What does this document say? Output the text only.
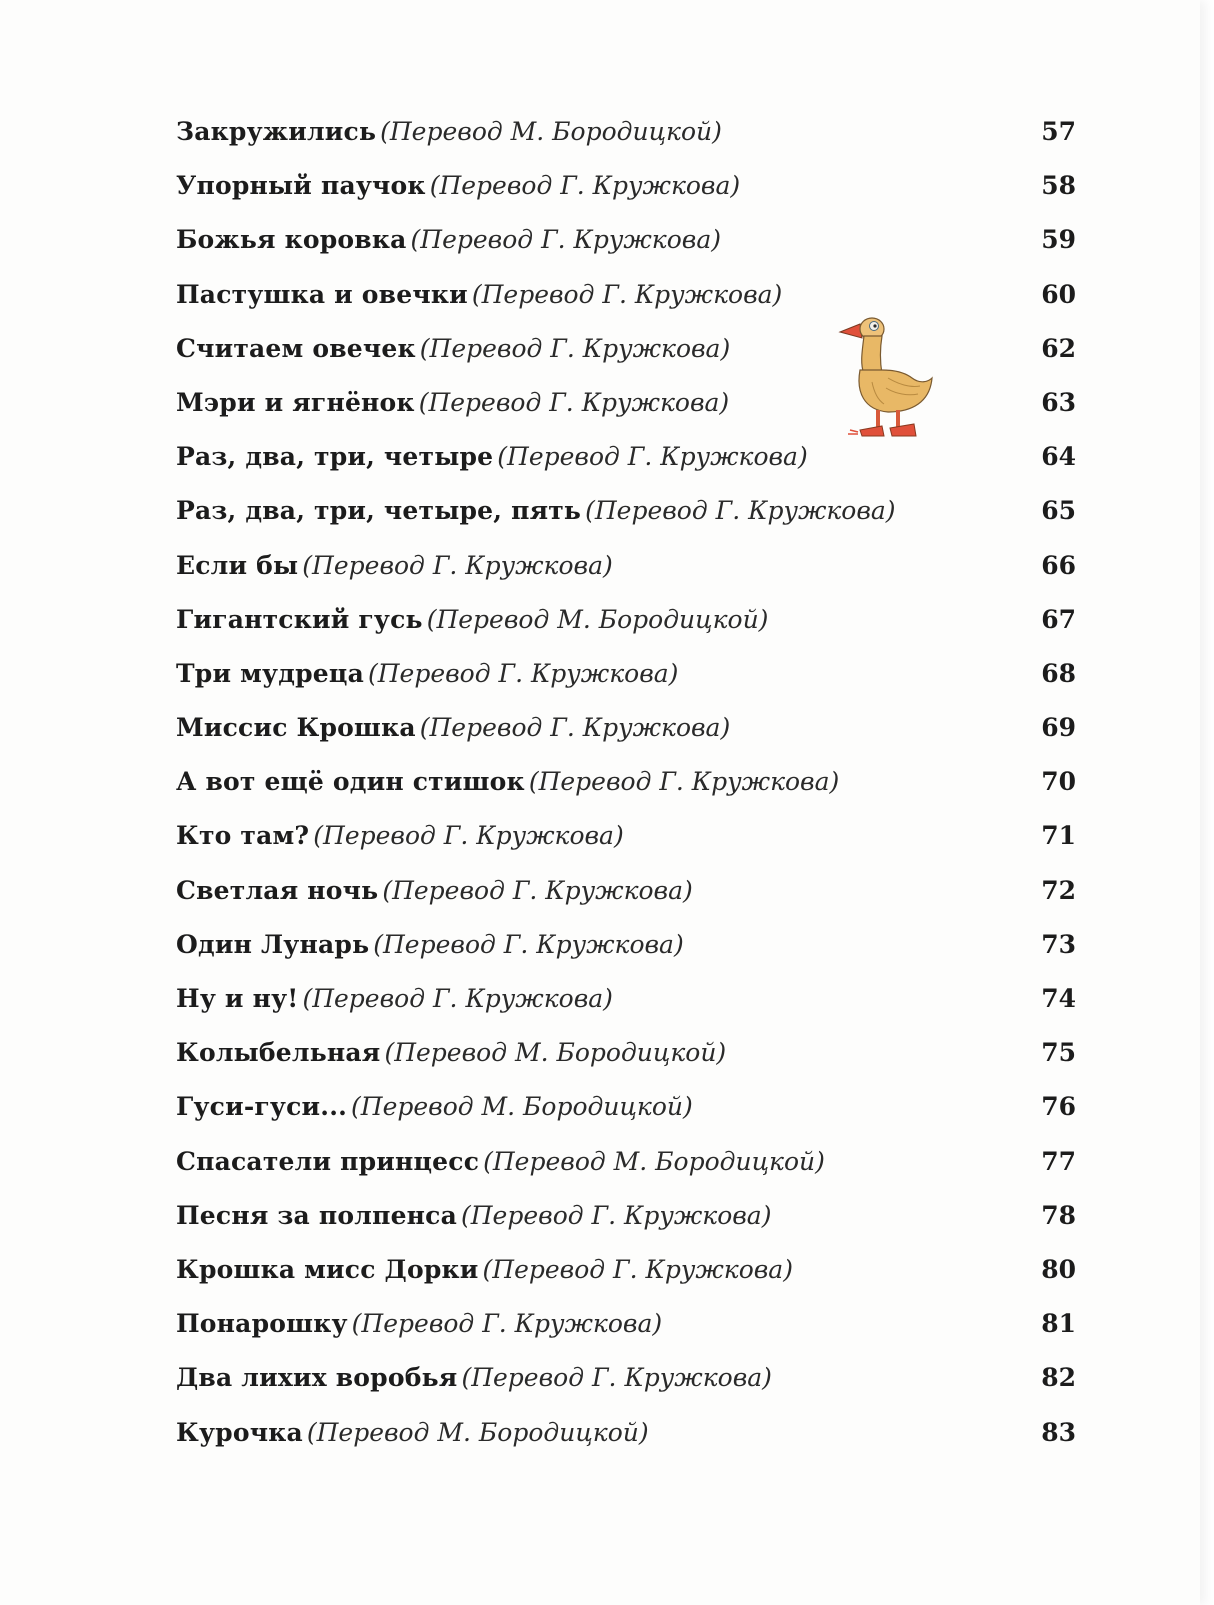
Закружились (Перевод М. Бородицкой)	57
Упорный паучок (Перевод Г. Кружкова)	58
Божья коровка (Перевод Г. Кружкова)	59
Пастушка и овечки (Перевод Г. Кружкова)	60
Считаем овечек (Перевод Г. Кружкова)	62
Мэри и ягнёнок (Перевод Г. Кружкова)	63
Раз, два, три, четыре (Перевод Г. Кружкова)	64
Раз, два, три, четыре, пять (Перевод Г. Кружкова)	65
Если бы (Перевод Г. Кружкова)	66
Гигантский гусь (Перевод М. Бородицкой)	67
Три мудреца (Перевод Г. Кружкова)	68
Миссис Крошка (Перевод Г. Кружкова)	69
А вот ещё один стишок (Перевод Г. Кружкова)	70
Кто там? (Перевод Г. Кружкова)	71
Светлая ночь (Перевод Г. Кружкова)	72
Один Лунарь (Перевод Г. Кружкова)	73
Ну и ну! (Перевод Г. Кружкова)	74
Колыбельная (Перевод М. Бородицкой)	75
Гуси-гуси... (Перевод М. Бородицкой)	76
Спасатели принцесс (Перевод М. Бородицкой)	77
Песня за полпенса (Перевод Г. Кружкова)	78
Крошка мисс Дорки (Перевод Г. Кружкова)	80
Понарошку (Перевод Г. Кружкова)	81
Два лихих воробья (Перевод Г. Кружкова)	82
Курочка (Перевод М. Бородицкой)	83
